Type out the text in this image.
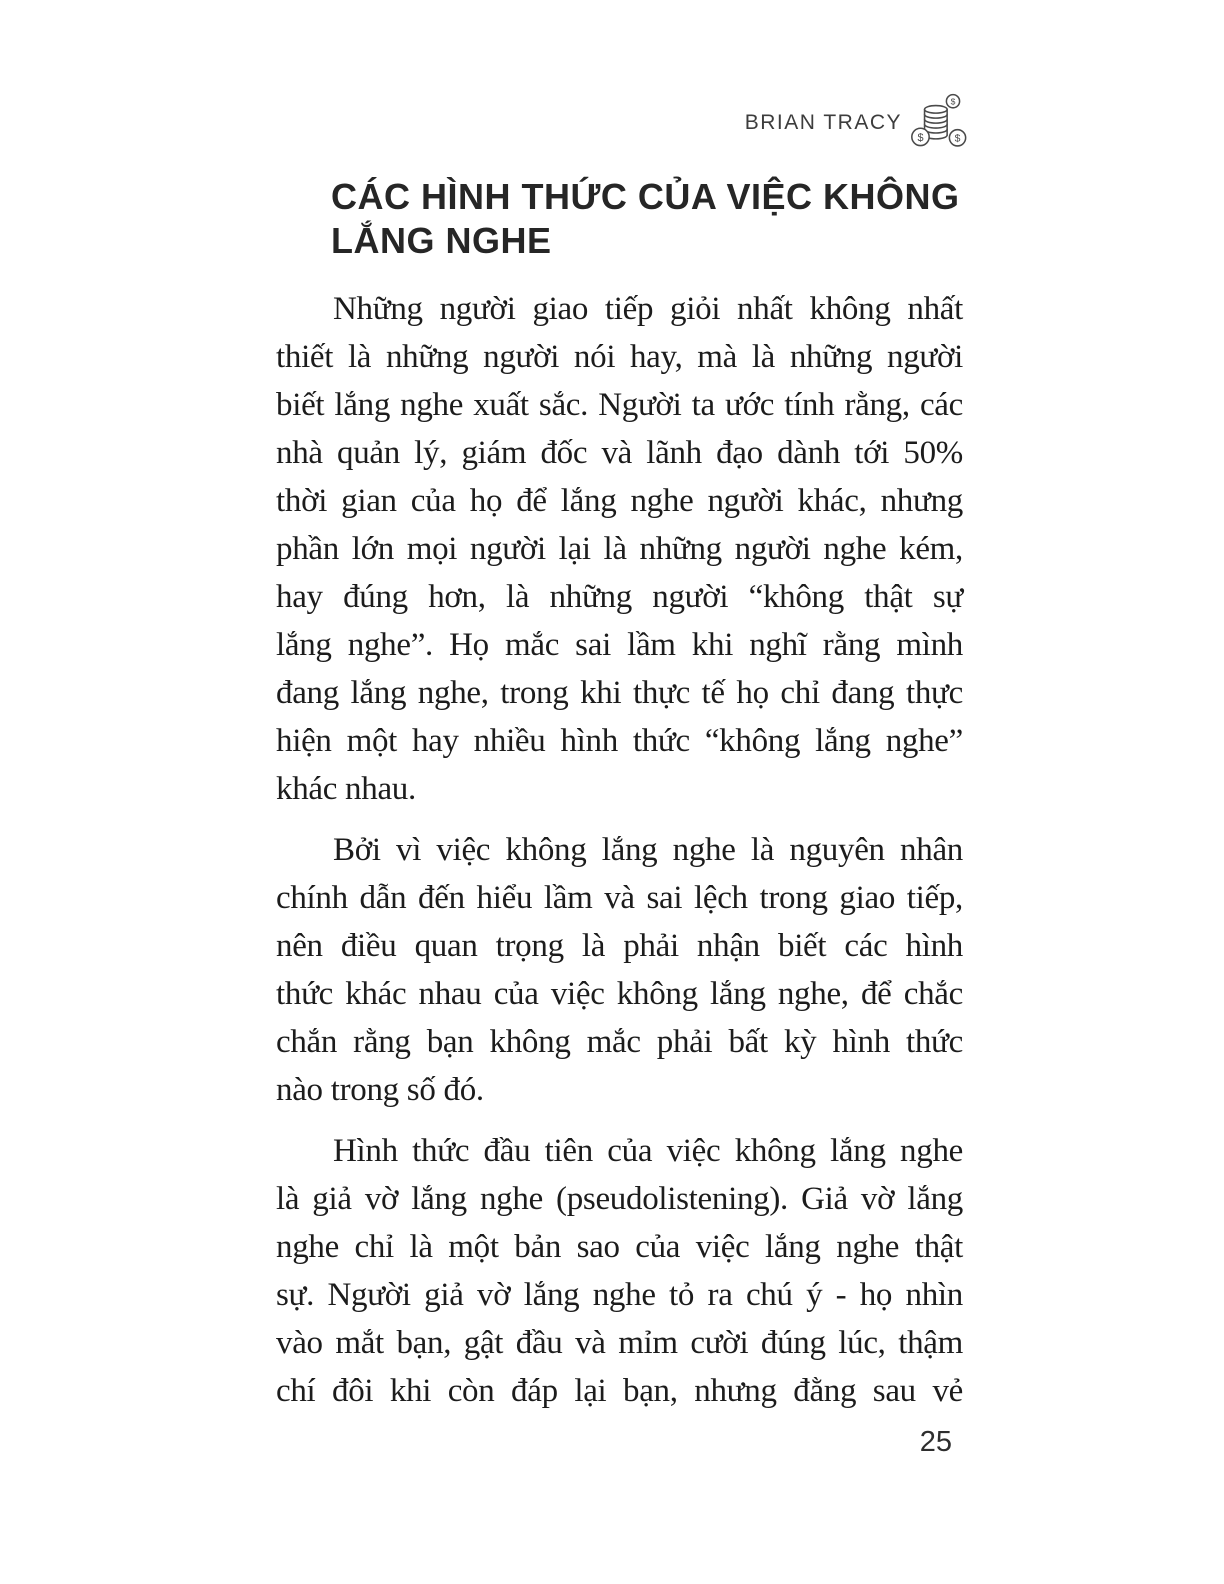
BRIAN TRACY
$
$	$
CÁC HÌNH THỨC CỦA VIỆC KHÔNG
LẮNG NGHE
Những người giao tiếp giỏi nhất không nhất
thiết là những người nói hay, mà là những người
biết lắng nghe xuất sắc. Người ta ước tính rằng, các
nhà quản lý, giám đốc và lãnh đạo dành tới 50%
thời gian của họ để lắng nghe người khác, nhưng
phần lớn mọi người lại là những người nghe kém,
hay đúng hơn, là những người “không thật sự
lắng nghe”. Họ mắc sai lầm khi nghĩ rằng mình
đang lắng nghe, trong khi thực tế họ chỉ đang thực
hiện một hay nhiều hình thức “không lắng nghe”
khác nhau.
Bởi vì việc không lắng nghe là nguyên nhân
chính dẫn đến hiểu lầm và sai lệch trong giao tiếp,
nên điều quan trọng là phải nhận biết các hình
thức khác nhau của việc không lắng nghe, để chắc
chắn rằng bạn không mắc phải bất kỳ hình thức
nào trong số đó.
Hình thức đầu tiên của việc không lắng nghe
là giả vờ lắng nghe (pseudolistening). Giả vờ lắng
nghe chỉ là một bản sao của việc lắng nghe thật
sự. Người giả vờ lắng nghe tỏ ra chú ý - họ nhìn
vào mắt bạn, gật đầu và mỉm cười đúng lúc, thậm
chí đôi khi còn đáp lại bạn, nhưng đằng sau vẻ
25
